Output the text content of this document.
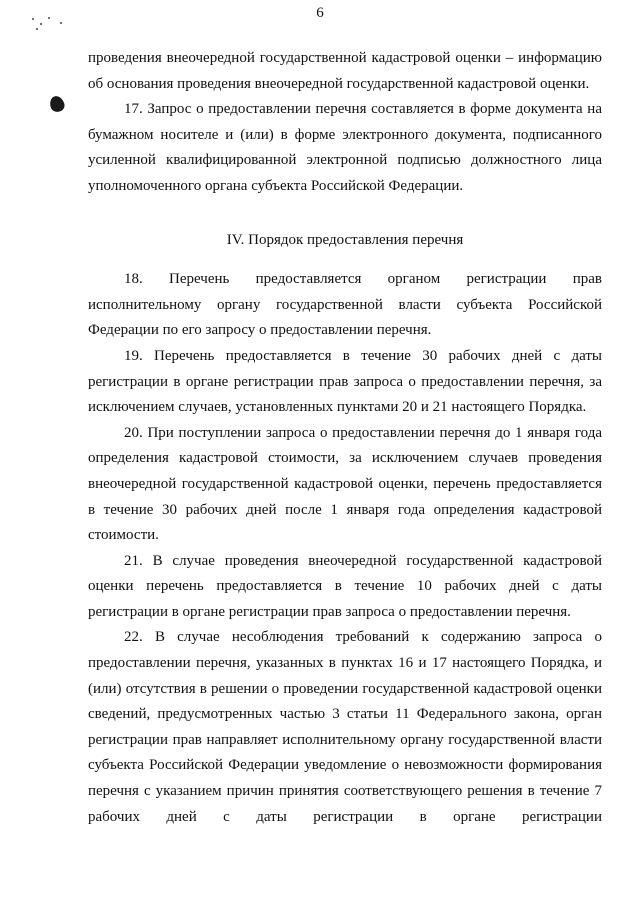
6

проведения внеочередной государственной кадастровой оценки – информацию об основания проведения внеочередной государственной кадастровой оценки.

17. Запрос о предоставлении перечня составляется в форме документа на бумажном носителе и (или) в форме электронного документа, подписанного усиленной квалифицированной электронной подписью должностного лица уполномоченного органа субъекта Российской Федерации.

IV. Порядок предоставления перечня

18. Перечень предоставляется органом регистрации прав исполнительному органу государственной власти субъекта Российской Федерации по его запросу о предоставлении перечня.

19. Перечень предоставляется в течение 30 рабочих дней с даты регистрации в органе регистрации прав запроса о предоставлении перечня, за исключением случаев, установленных пунктами 20 и 21 настоящего Порядка.

20. При поступлении запроса о предоставлении перечня до 1 января года определения кадастровой стоимости, за исключением случаев проведения внеочередной государственной кадастровой оценки, перечень предоставляется в течение 30 рабочих дней после 1 января года определения кадастровой стоимости.

21. В случае проведения внеочередной государственной кадастровой оценки перечень предоставляется в течение 10 рабочих дней с даты регистрации в органе регистрации прав запроса о предоставлении перечня.

22. В случае несоблюдения требований к содержанию запроса о предоставлении перечня, указанных в пунктах 16 и 17 настоящего Порядка, и (или) отсутствия в решении о проведении государственной кадастровой оценки сведений, предусмотренных частью 3 статьи 11 Федерального закона, орган регистрации прав направляет исполнительному органу государственной власти субъекта Российской Федерации уведомление о невозможности формирования перечня с указанием причин принятия соответствующего решения в течение 7 рабочих дней с даты регистрации в органе регистрации
